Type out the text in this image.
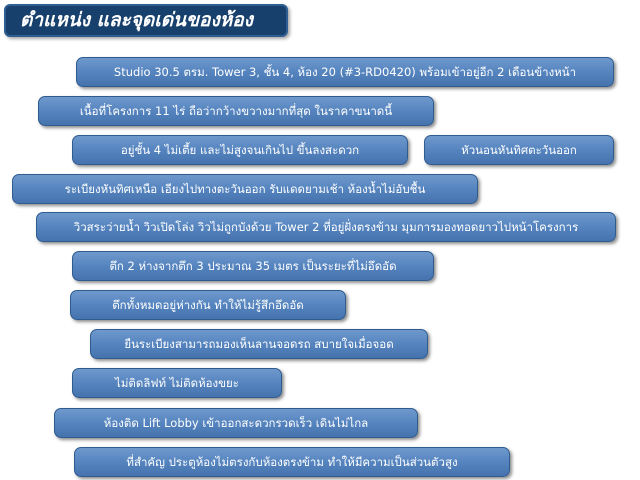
ตำแหน่ง และจุดเด่นของห้อง
Studio 30.5 ตรม. Tower 3, ชั้น 4, ห้อง 20 (#3-RD0420) พร้อมเข้าอยู่อีก 2 เดือนข้างหน้า
เนื้อที่โครงการ 11 ไร่ ถือว่ากว้างขวางมากที่สุด ในราคาขนาดนี้
อยู่ชั้น 4 ไม่เตี้ย และไม่สูงจนเกินไป ขึ้นลงสะดวก	หัวนอนหันทิศตะวันออก
ระเบียงหันทิศเหนือ เอียงไปทางตะวันออก รับแดดยามเช้า ห้องน้ำไม่อับชื้น
วิวสระว่ายน้ำ วิวเปิดโล่ง วิวไม่ถูกบังด้วย Tower 2 ที่อยู่ฝั่งตรงข้าม มุมการมองทอดยาวไปหน้าโครงการ
ตึก 2 ห่างจากตึก 3 ประมาณ 35 เมตร เป็นระยะที่ไม่อึดอัด
ตึกทั้งหมดอยู่ห่างกัน ทำให้ไม่รู้สึกอึดอัด
ยืนระเบียงสามารถมองเห็นลานจอดรถ สบายใจเมื่อจอด
ไม่ติดลิฟท์ ไม่ติดห้องขยะ
ห้องติด Lift Lobby เข้าออกสะดวกรวดเร็ว เดินไม่ไกล
ที่สำคัญ ประตูห้องไม่ตรงกับห้องตรงข้าม ทำให้มีความเป็นส่วนตัวสูง
